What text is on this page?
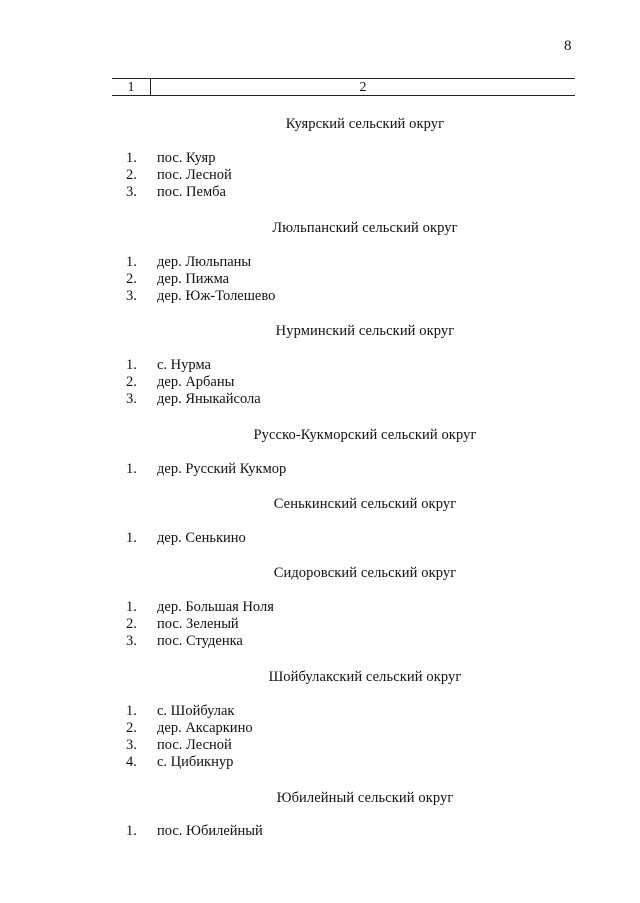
8
1	2
Куярский сельский округ
1. пос. Куяр
2. пос. Лесной
3. пос. Пемба
Люльпанский сельский округ
1. дер. Люльпаны
2. дер. Пижма
3. дер. Юж-Толешево
Нурминский сельский округ
1. с. Нурма
2. дер. Арбаны
3. дер. Яныкайсола
Русско-Кукморский сельский округ
1. дер. Русский Кукмор
Сенькинский сельский округ
1. дер. Сенькино
Сидоровский сельский округ
1. дер. Большая Ноля
2. пос. Зеленый
3. пос. Студенка
Шойбулакский сельский округ
1. с. Шойбулак
2. дер. Аксаркино
3. пос. Лесной
4. с. Цибикнур
Юбилейный сельский округ
1. пос. Юбилейный
